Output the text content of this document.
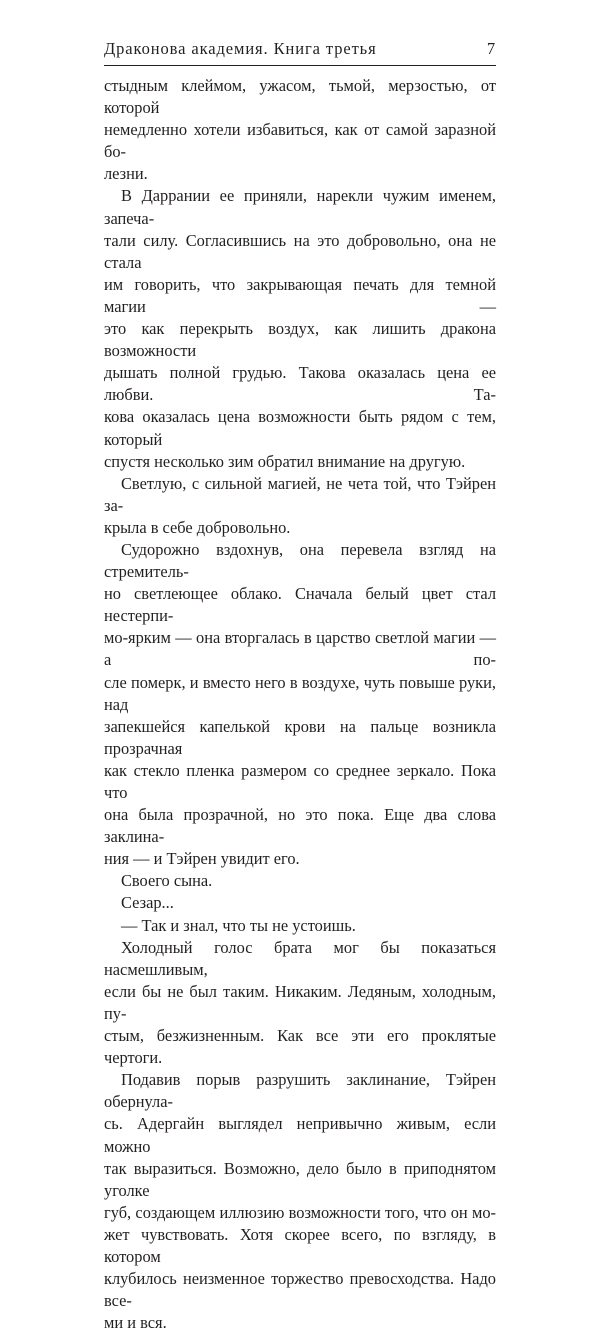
Драконова академия. Книга третья	7

стыдным клеймом, ужасом, тьмой, мерзостью, от которой

немедленно хотели избавиться, как от самой заразной бо-

лезни.

В Даррании ее приняли, нарекли чужим именем, запеча-

тали силу. Согласившись на это добровольно, она не стала

им говорить, что закрывающая печать для темной магии —

это как перекрыть воздух, как лишить дракона возможности

дышать полной грудью. Такова оказалась цена ее любви. Та-

кова оказалась цена возможности быть рядом с тем, который

спустя несколько зим обратил внимание на другую.

Светлую, с сильной магией, не чета той, что Тэйрен за-

крыла в себе добровольно.

Судорожно вздохнув, она перевела взгляд на стремитель-

но светлеющее облако. Сначала белый цвет стал нестерпи-

мо-ярким — она вторгалась в царство светлой магии — а по-

сле померк, и вместо него в воздухе, чуть повыше руки, над

запекшейся капелькой крови на пальце возникла прозрачная

как стекло пленка размером со среднее зеркало. Пока что

она была прозрачной, но это пока. Еще два слова заклина-

ния — и Тэйрен увидит его.

Своего сына.

Сезар...

— Так и знал, что ты не устоишь.

Холодный голос брата мог бы показаться насмешливым,

если бы не был таким. Никаким. Ледяным, холодным, пу-

стым, безжизненным. Как все эти его проклятые чертоги.

Подавив порыв разрушить заклинание, Тэйрен обернула-

сь. Адергайн выглядел непривычно живым, если можно

так выразиться. Возможно, дело было в приподнятом уголке

губ, создающем иллюзию возможности того, что он мо-

жет чувствовать. Хотя скорее всего, по взгляду, в котором

клубилось неизменное торжество превосходства. Надо все-

ми и вся.
